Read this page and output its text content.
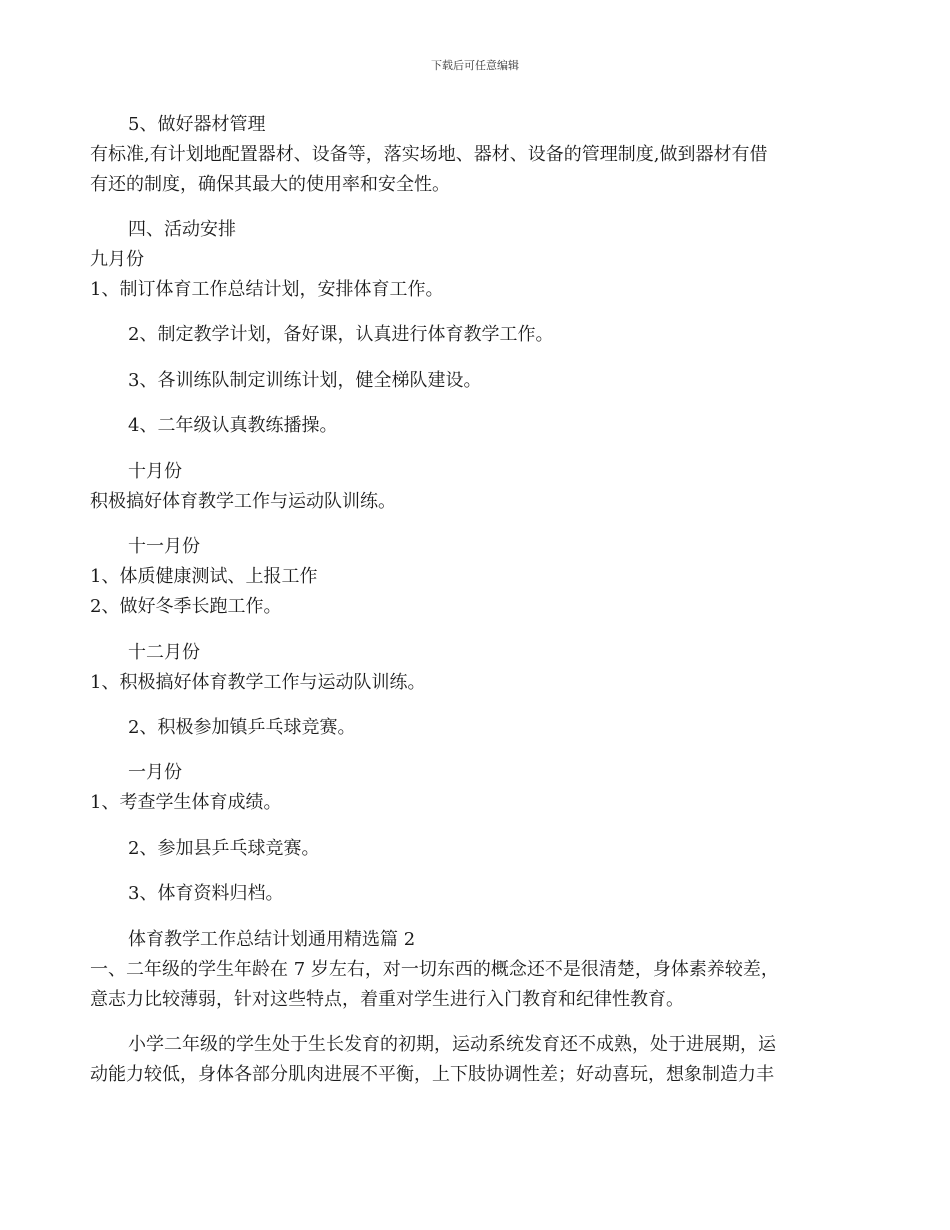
下载后可任意编辑
5、做好器材管理
有标准,有计划地配置器材、设备等，落实场地、器材、设备的管理制度,做到器材有借
有还的制度，确保其最大的使用率和安全性。
四、活动安排
九月份
1、制订体育工作总结计划，安排体育工作。
2、制定教学计划，备好课，认真进行体育教学工作。
3、各训练队制定训练计划，健全梯队建设。
4、二年级认真教练播操。
十月份
积极搞好体育教学工作与运动队训练。
十一月份
1、体质健康测试、上报工作
2、做好冬季长跑工作。
十二月份
1、积极搞好体育教学工作与运动队训练。
2、积极参加镇乒乓球竞赛。
一月份
1、考查学生体育成绩。
2、参加县乒乓球竞赛。
3、体育资料归档。
体育教学工作总结计划通用精选篇 2
一、二年级的学生年龄在 7 岁左右，对一切东西的概念还不是很清楚，身体素养较差，
意志力比较薄弱，针对这些特点，着重对学生进行入门教育和纪律性教育。
小学二年级的学生处于生长发育的初期，运动系统发育还不成熟，处于进展期，运
动能力较低，身体各部分肌肉进展不平衡，上下肢协调性差；好动喜玩，想象制造力丰
